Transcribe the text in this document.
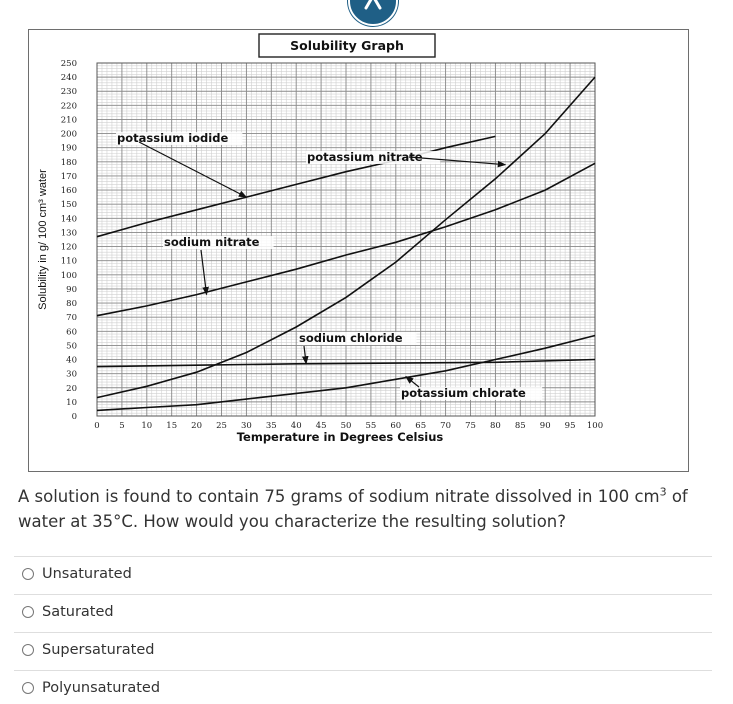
0
10
20
30
40
50
60
70
80
90
100
110
120
130
140
150
160
170
180
190
200
210
220
230
240
250
0 5 10 15 20 25 30 35 40 45 50 55 60 65 70 75 80 85 90 95 100
Temperature in Degrees Celsius
Solubility in g/ 100 cm³ water
Solubility Graph
potassium iodide
potassium nitrate
sodium nitrate
sodium chloride
potassium chlorate
A solution is found to contain 75 grams of sodium nitrate dissolved in 100 $cm^3$ of water at 35°C. How would you characterize the resulting solution?
Unsaturated
Saturated
Supersaturated
Polyunsaturated
